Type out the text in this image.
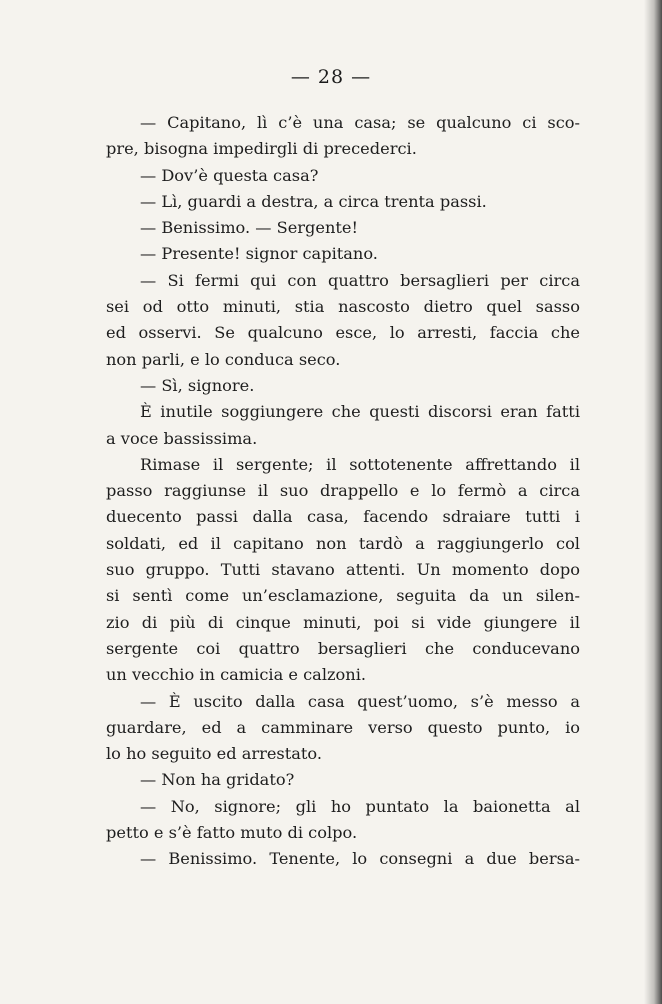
— 28 —
— Capitano, lì c’è una casa; se qualcuno ci sco-
pre, bisogna impedirgli di precederci.
— Dov’è questa casa?
— Lì, guardi a destra, a circa trenta passi.
— Benissimo. — Sergente!
— Presente! signor capitano.
— Si fermi qui con quattro bersaglieri per circa
sei od otto minuti, stia nascosto dietro quel sasso
ed osservi. Se qualcuno esce, lo arresti, faccia che
non parli, e lo conduca seco.
— Sì, signore.
È inutile soggiungere che questi discorsi eran fatti
a voce bassissima.
Rimase il sergente; il sottotenente affrettando il
passo raggiunse il suo drappello e lo fermò a circa
duecento passi dalla casa, facendo sdraiare tutti i
soldati, ed il capitano non tardò a raggiungerlo col
suo gruppo. Tutti stavano attenti. Un momento dopo
si sentì come un’esclamazione, seguita da un silen-
zio di più di cinque minuti, poi si vide giungere il
sergente coi quattro bersaglieri che conducevano
un vecchio in camicia e calzoni.
— È uscito dalla casa quest’uomo, s’è messo a
guardare, ed a camminare verso questo punto, io
lo ho seguito ed arrestato.
— Non ha gridato?
— No, signore; gli ho puntato la baionetta al
petto e s’è fatto muto di colpo.
— Benissimo. Tenente, lo consegni a due bersa-
